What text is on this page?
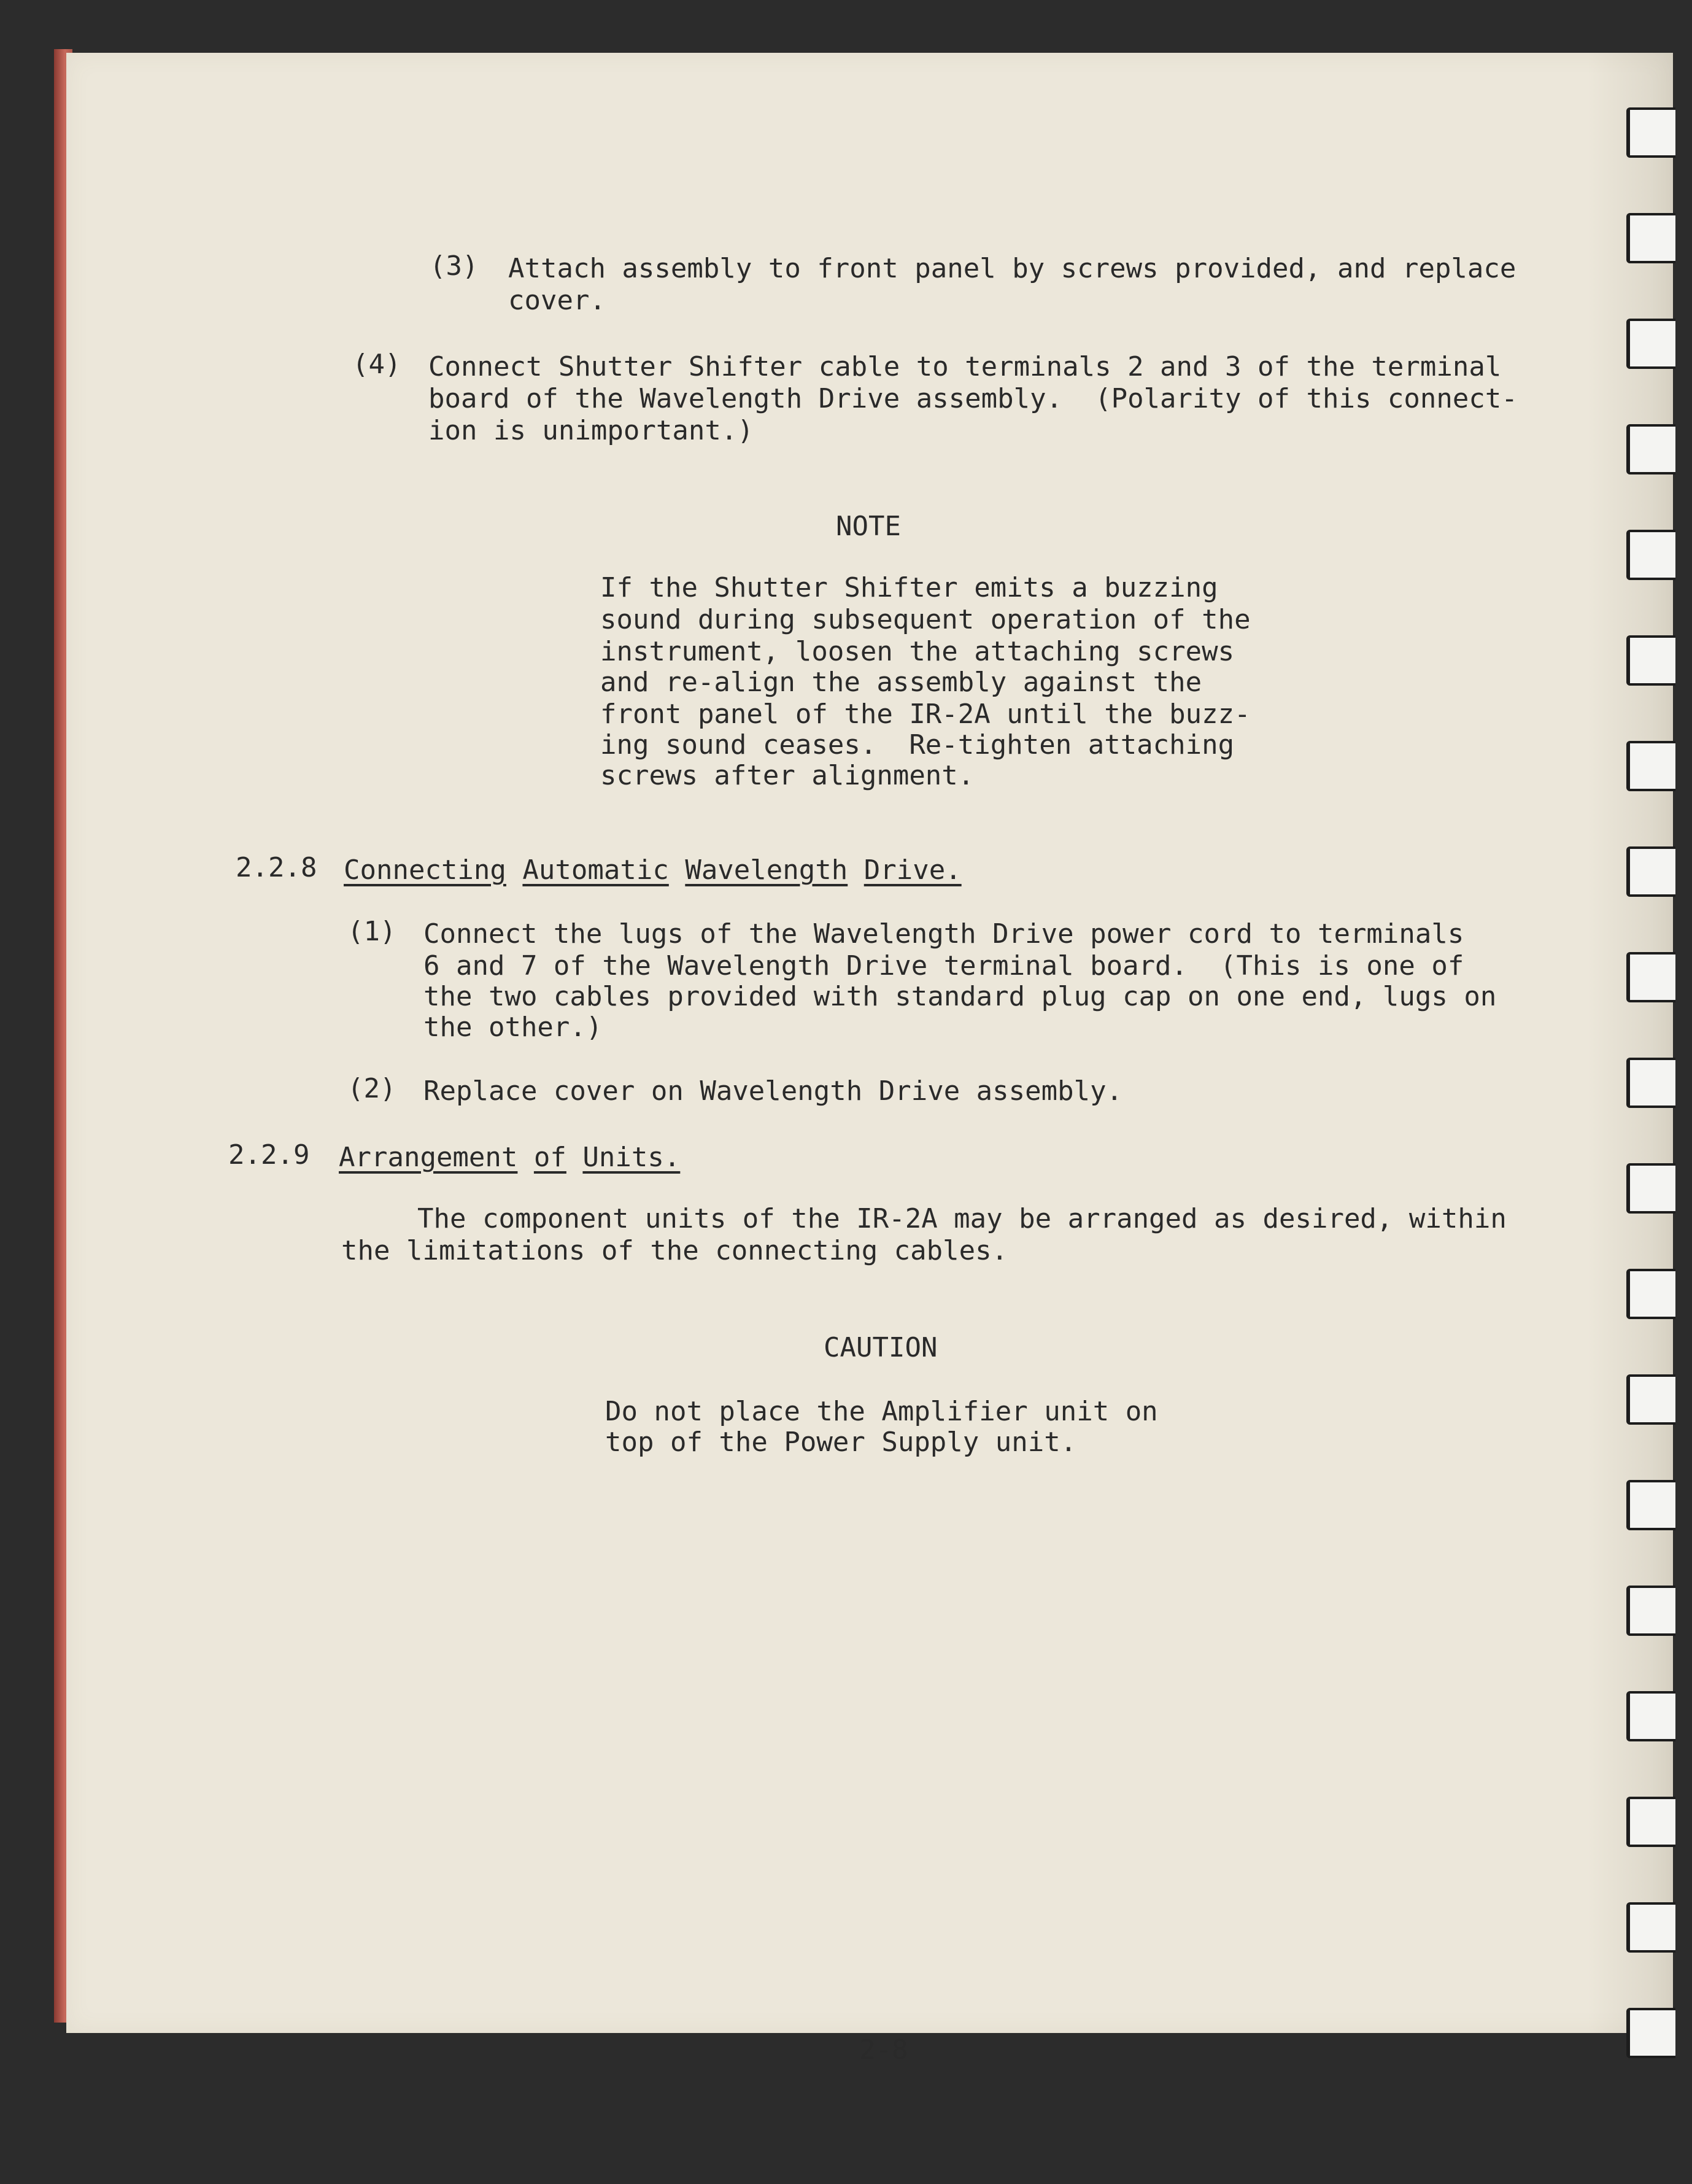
(3) Attach assembly to front panel by screws provided, and replace
cover.
(4) Connect Shutter Shifter cable to terminals 2 and 3 of the terminal
board of the Wavelength Drive assembly.  (Polarity of this connect-
ion is unimportant.)
NOTE
If the Shutter Shifter emits a buzzing
sound during subsequent operation of the
instrument, loosen the attaching screws
and re-align the assembly against the
front panel of the IR-2A until the buzz-
ing sound ceases.  Re-tighten attaching
screws after alignment.
2.2.8 Connecting Automatic Wavelength Drive.
(1) Connect the lugs of the Wavelength Drive power cord to terminals
6 and 7 of the Wavelength Drive terminal board.  (This is one of
the two cables provided with standard plug cap on one end, lugs on
the other.)
(2) Replace cover on Wavelength Drive assembly.
2.2.9 Arrangement of Units.
The component units of the IR-2A may be arranged as desired, within
the limitations of the connecting cables.
CAUTION
Do not place the Amplifier unit on
top of the Power Supply unit.
2-8
